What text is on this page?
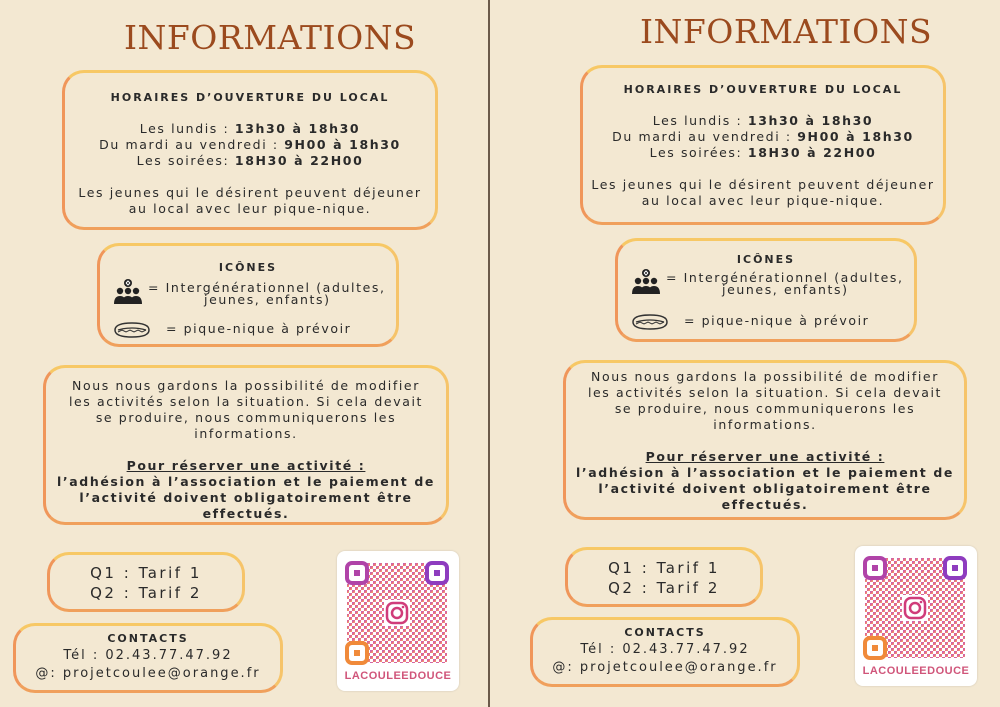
INFORMATIONS
HORAIRES D’OUVERTURE DU LOCAL
Les lundis : 13h30 à 18h30
Du mardi au vendredi : 9H00 à 18h30
Les soirées: 18H30 à 22H00
Les jeunes qui le désirent peuvent déjeuner
au local avec leur pique-nique.
ICÔNES
= Intergénérationnel (adultes,
jeunes, enfants)
= pique-nique à prévoir
Nous nous gardons la possibilité de modifier
les activités selon la situation. Si cela devait
se produire, nous communiquerons les
informations.
Pour réserver une activité :
l’adhésion à l’association et le paiement de
l’activité doivent obligatoirement être
effectués.
Q1 : Tarif 1
Q2 : Tarif 2
CONTACTS
Tél : 02.43.77.47.92
@: projetcoulee@orange.fr	LACOULEEDOUCE
INFORMATIONS
HORAIRES D’OUVERTURE DU LOCAL
Les lundis : 13h30 à 18h30
Du mardi au vendredi : 9H00 à 18h30
Les soirées: 18H30 à 22H00
Les jeunes qui le désirent peuvent déjeuner
au local avec leur pique-nique.
ICÔNES
= Intergénérationnel (adultes,
jeunes, enfants)
= pique-nique à prévoir
Nous nous gardons la possibilité de modifier
les activités selon la situation. Si cela devait
se produire, nous communiquerons les
informations.
Pour réserver une activité :
l’adhésion à l’association et le paiement de
l’activité doivent obligatoirement être
effectués.
Q1 : Tarif 1
Q2 : Tarif 2
CONTACTS
Tél : 02.43.77.47.92
@: projetcoulee@orange.fr	LACOULEEDOUCE
